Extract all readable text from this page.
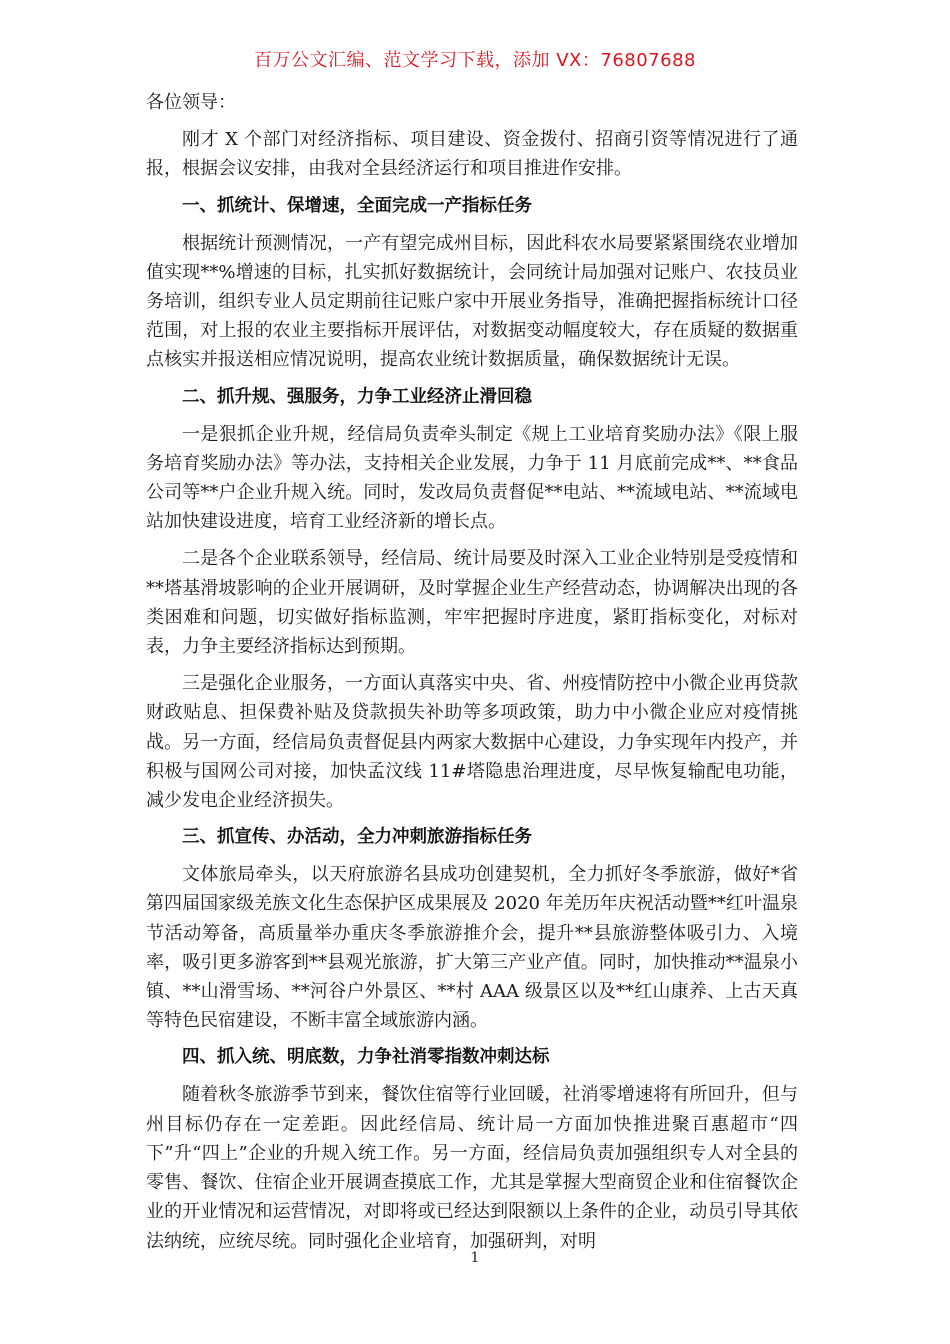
百万公文汇编、范文学习下载，添加 VX：76807688

各位领导：

刚才 X 个部门对经济指标、项目建设、资金拨付、招商引资等情况进行了通报，根据会议安排，由我对全县经济运行和项目推进作安排。

一、抓统计、保增速，全面完成一产指标任务

根据统计预测情况，一产有望完成州目标，因此科农水局要紧紧围绕农业增加值实现**%增速的目标，扎实抓好数据统计，会同统计局加强对记账户、农技员业务培训，组织专业人员定期前往记账户家中开展业务指导，准确把握指标统计口径范围，对上报的农业主要指标开展评估，对数据变动幅度较大，存在质疑的数据重点核实并报送相应情况说明，提高农业统计数据质量，确保数据统计无误。

二、抓升规、强服务，力争工业经济止滑回稳

一是狠抓企业升规，经信局负责牵头制定《规上工业培育奖励办法》《限上服务培育奖励办法》等办法，支持相关企业发展，力争于 11 月底前完成**、**食品公司等**户企业升规入统。同时，发改局负责督促**电站、**流域电站、**流域电站加快建设进度，培育工业经济新的增长点。

二是各个企业联系领导，经信局、统计局要及时深入工业企业特别是受疫情和**塔基滑坡影响的企业开展调研，及时掌握企业生产经营动态，协调解决出现的各类困难和问题，切实做好指标监测，牢牢把握时序进度，紧盯指标变化，对标对表，力争主要经济指标达到预期。

三是强化企业服务，一方面认真落实中央、省、州疫情防控中小微企业再贷款财政贴息、担保费补贴及贷款损失补助等多项政策，助力中小微企业应对疫情挑战。另一方面，经信局负责督促县内两家大数据中心建设，力争实现年内投产，并积极与国网公司对接，加快孟汶线 11#塔隐患治理进度，尽早恢复输配电功能，减少发电企业经济损失。

三、抓宣传、办活动，全力冲刺旅游指标任务

文体旅局牵头，以天府旅游名县成功创建契机，全力抓好冬季旅游，做好*省第四届国家级羌族文化生态保护区成果展及 2020 年羌历年庆祝活动暨**红叶温泉节活动筹备，高质量举办重庆冬季旅游推介会，提升**县旅游整体吸引力、入境率，吸引更多游客到**县观光旅游，扩大第三产业产值。同时，加快推动**温泉小镇、**山滑雪场、**河谷户外景区、**村 AAA 级景区以及**红山康养、上古天真等特色民宿建设，不断丰富全域旅游内涵。

四、抓入统、明底数，力争社消零指数冲刺达标

随着秋冬旅游季节到来，餐饮住宿等行业回暖，社消零增速将有所回升，但与州目标仍存在一定差距。因此经信局、统计局一方面加快推进聚百惠超市“四下”升“四上”企业的升规入统工作。另一方面，经信局负责加强组织专人对全县的零售、餐饮、住宿企业开展调查摸底工作，尤其是掌握大型商贸企业和住宿餐饮企业的开业情况和运营情况，对即将或已经达到限额以上条件的企业，动员引导其依法纳统，应统尽统。同时强化企业培育，加强研判，对明

1
